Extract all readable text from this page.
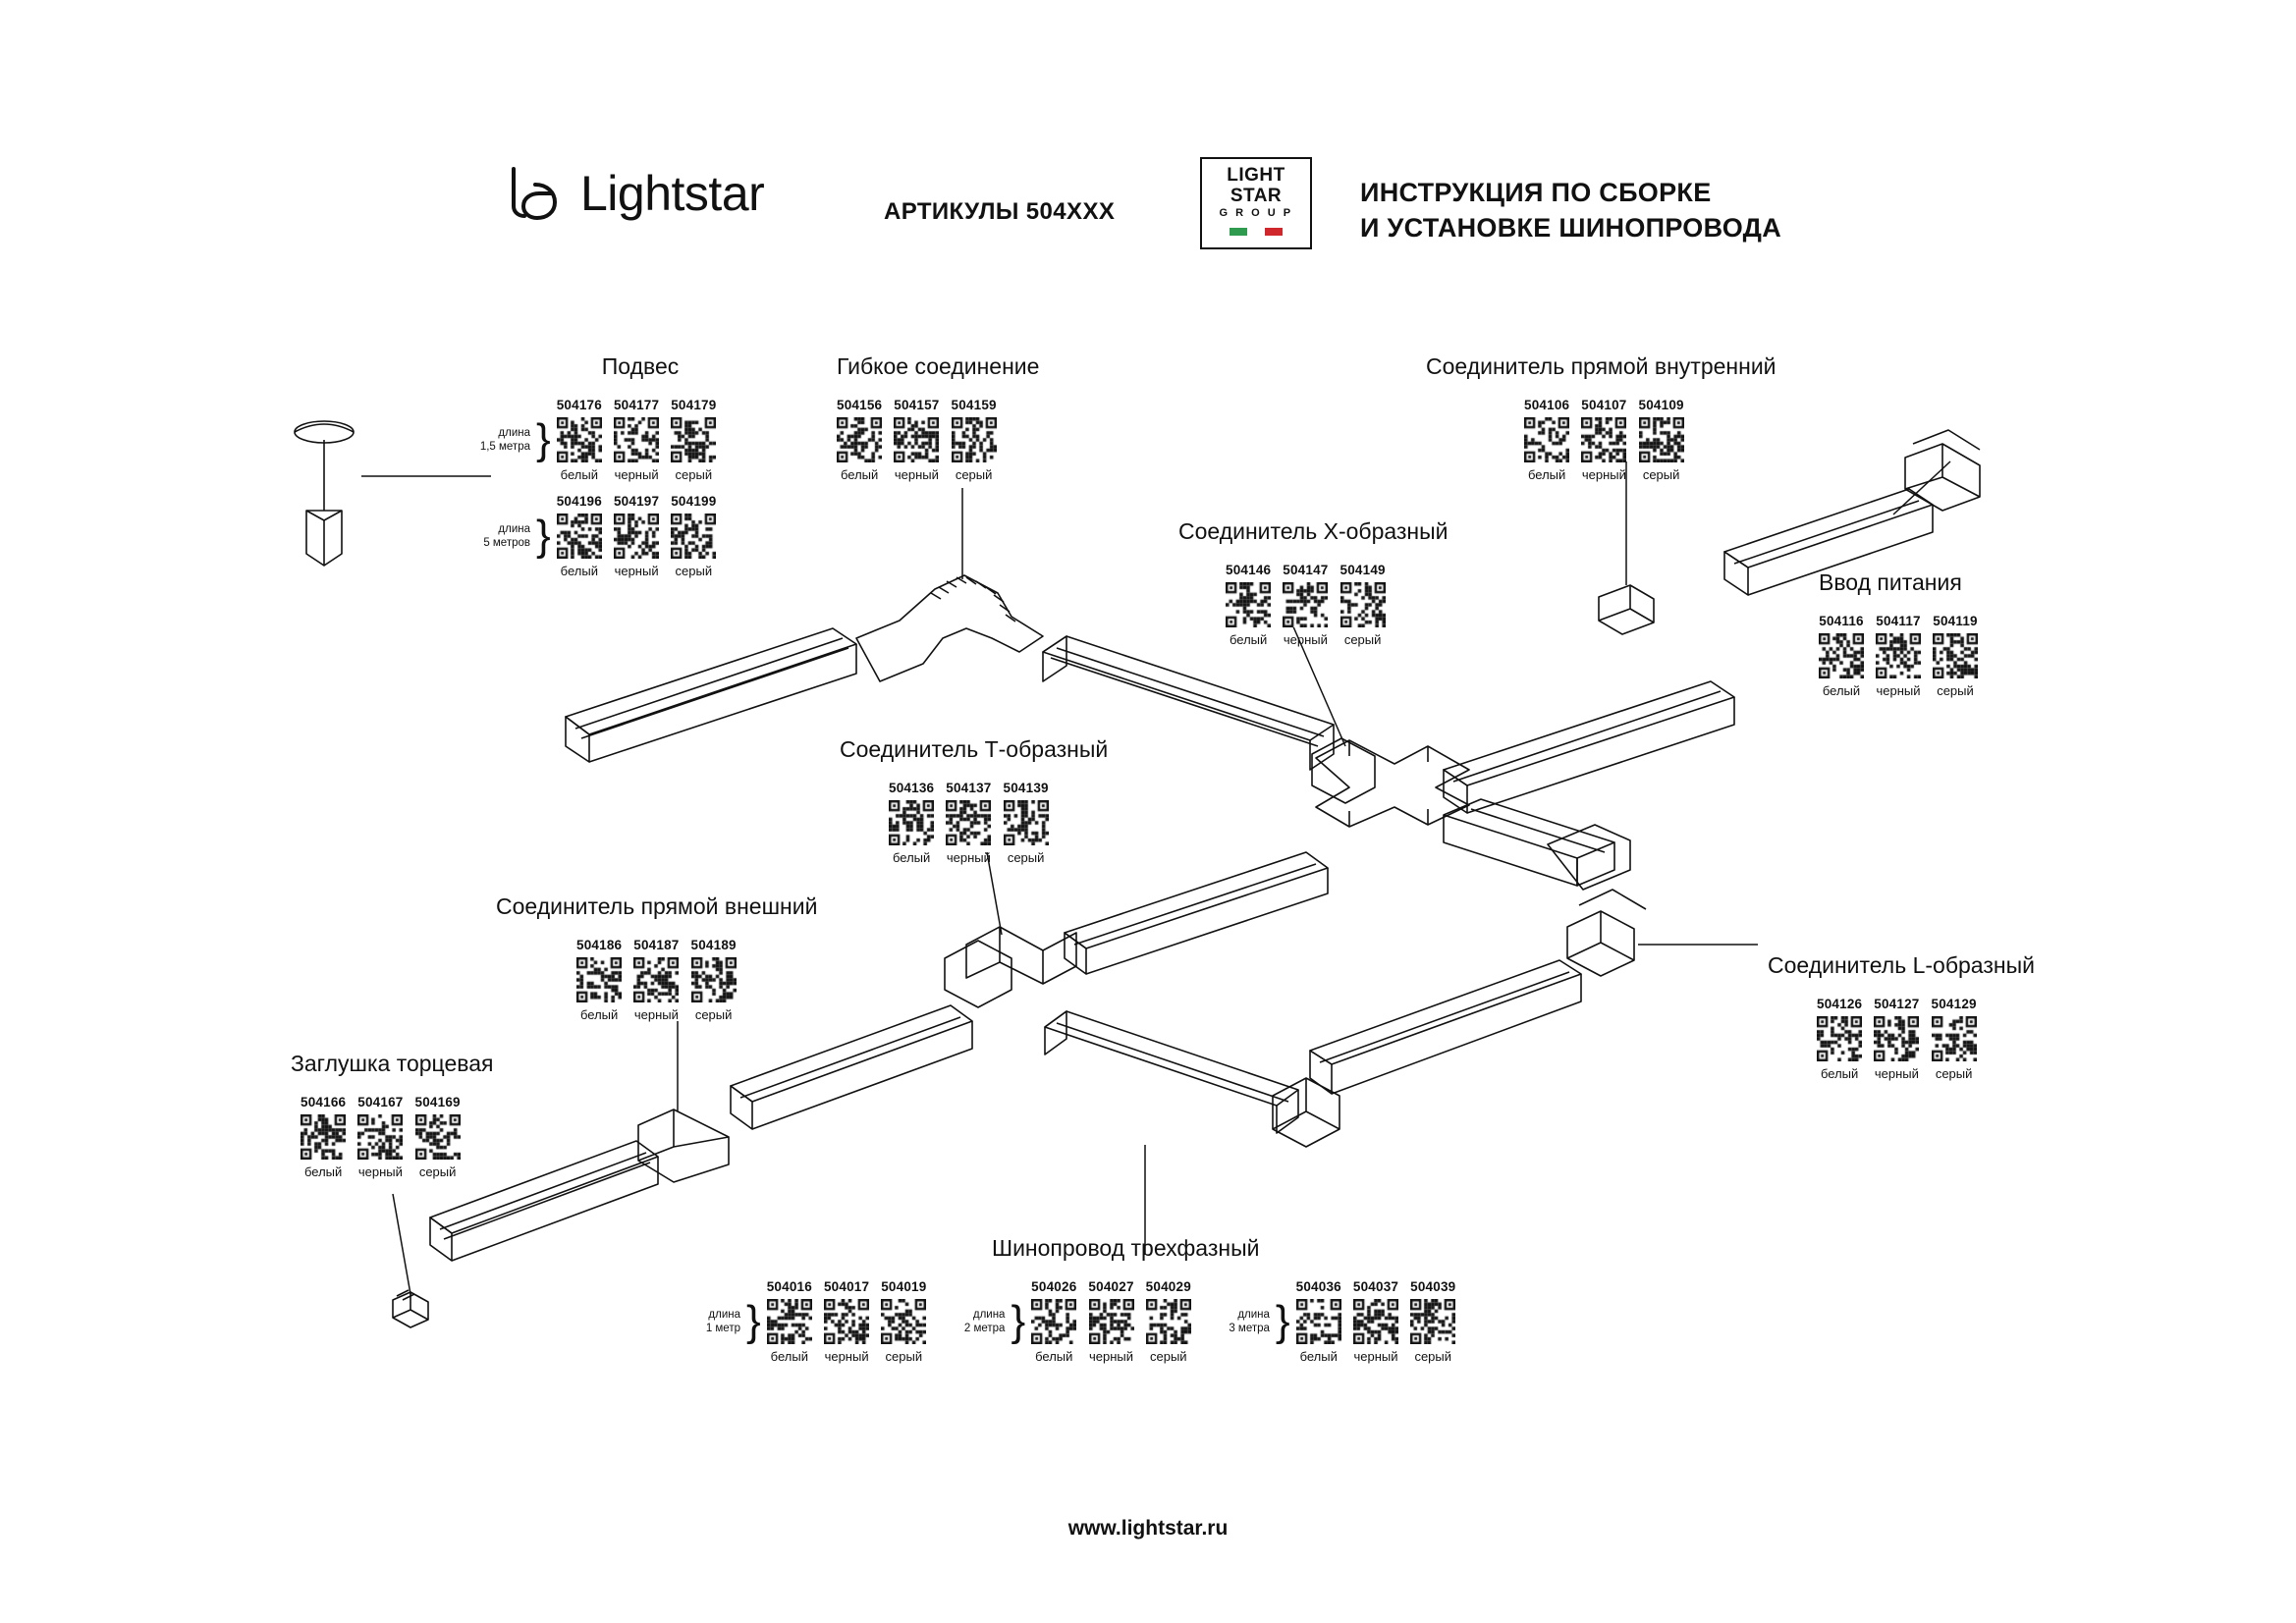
Lightstar	АРТИКУЛЫ 504ХХХ
LIGHT
STAR
G R O U P
ИНСТРУКЦИЯ ПО СБОРКЕ
И УСТАНОВКЕ ШИНОПРОВОДА
Подвес
длина
1,5 метра }
504176
белый
504177
черный
504179
серый
длина
5 метров }
504196
белый
504197
черный
504199
серый
Гибкое соединение
504156
белый
504157
черный
504159
серый
Соединитель прямой внутренний
504106
белый
504107
черный
504109
серый
Ввод питания
504116
белый
504117
черный
504119
серый
Соединитель Х-образный
504146
белый
504147
черный
504149
серый
Соединитель Т-образный
504136
белый
504137
черный
504139
серый
Соединитель прямой внешний
504186
белый
504187
черный
504189
серый
Соединитель L-образный
504126
белый
504127
черный
504129
серый
Заглушка торцевая
504166
белый
504167
черный
504169
серый
Шинопровод трехфазный
длина
1 метр }
504016
белый
504017
черный
504019
серый
длина
2 метра }
504026
белый
504027
черный
504029
серый
длина
3 метра }
504036
белый
504037
черный
504039
серый
www.lightstar.ru
